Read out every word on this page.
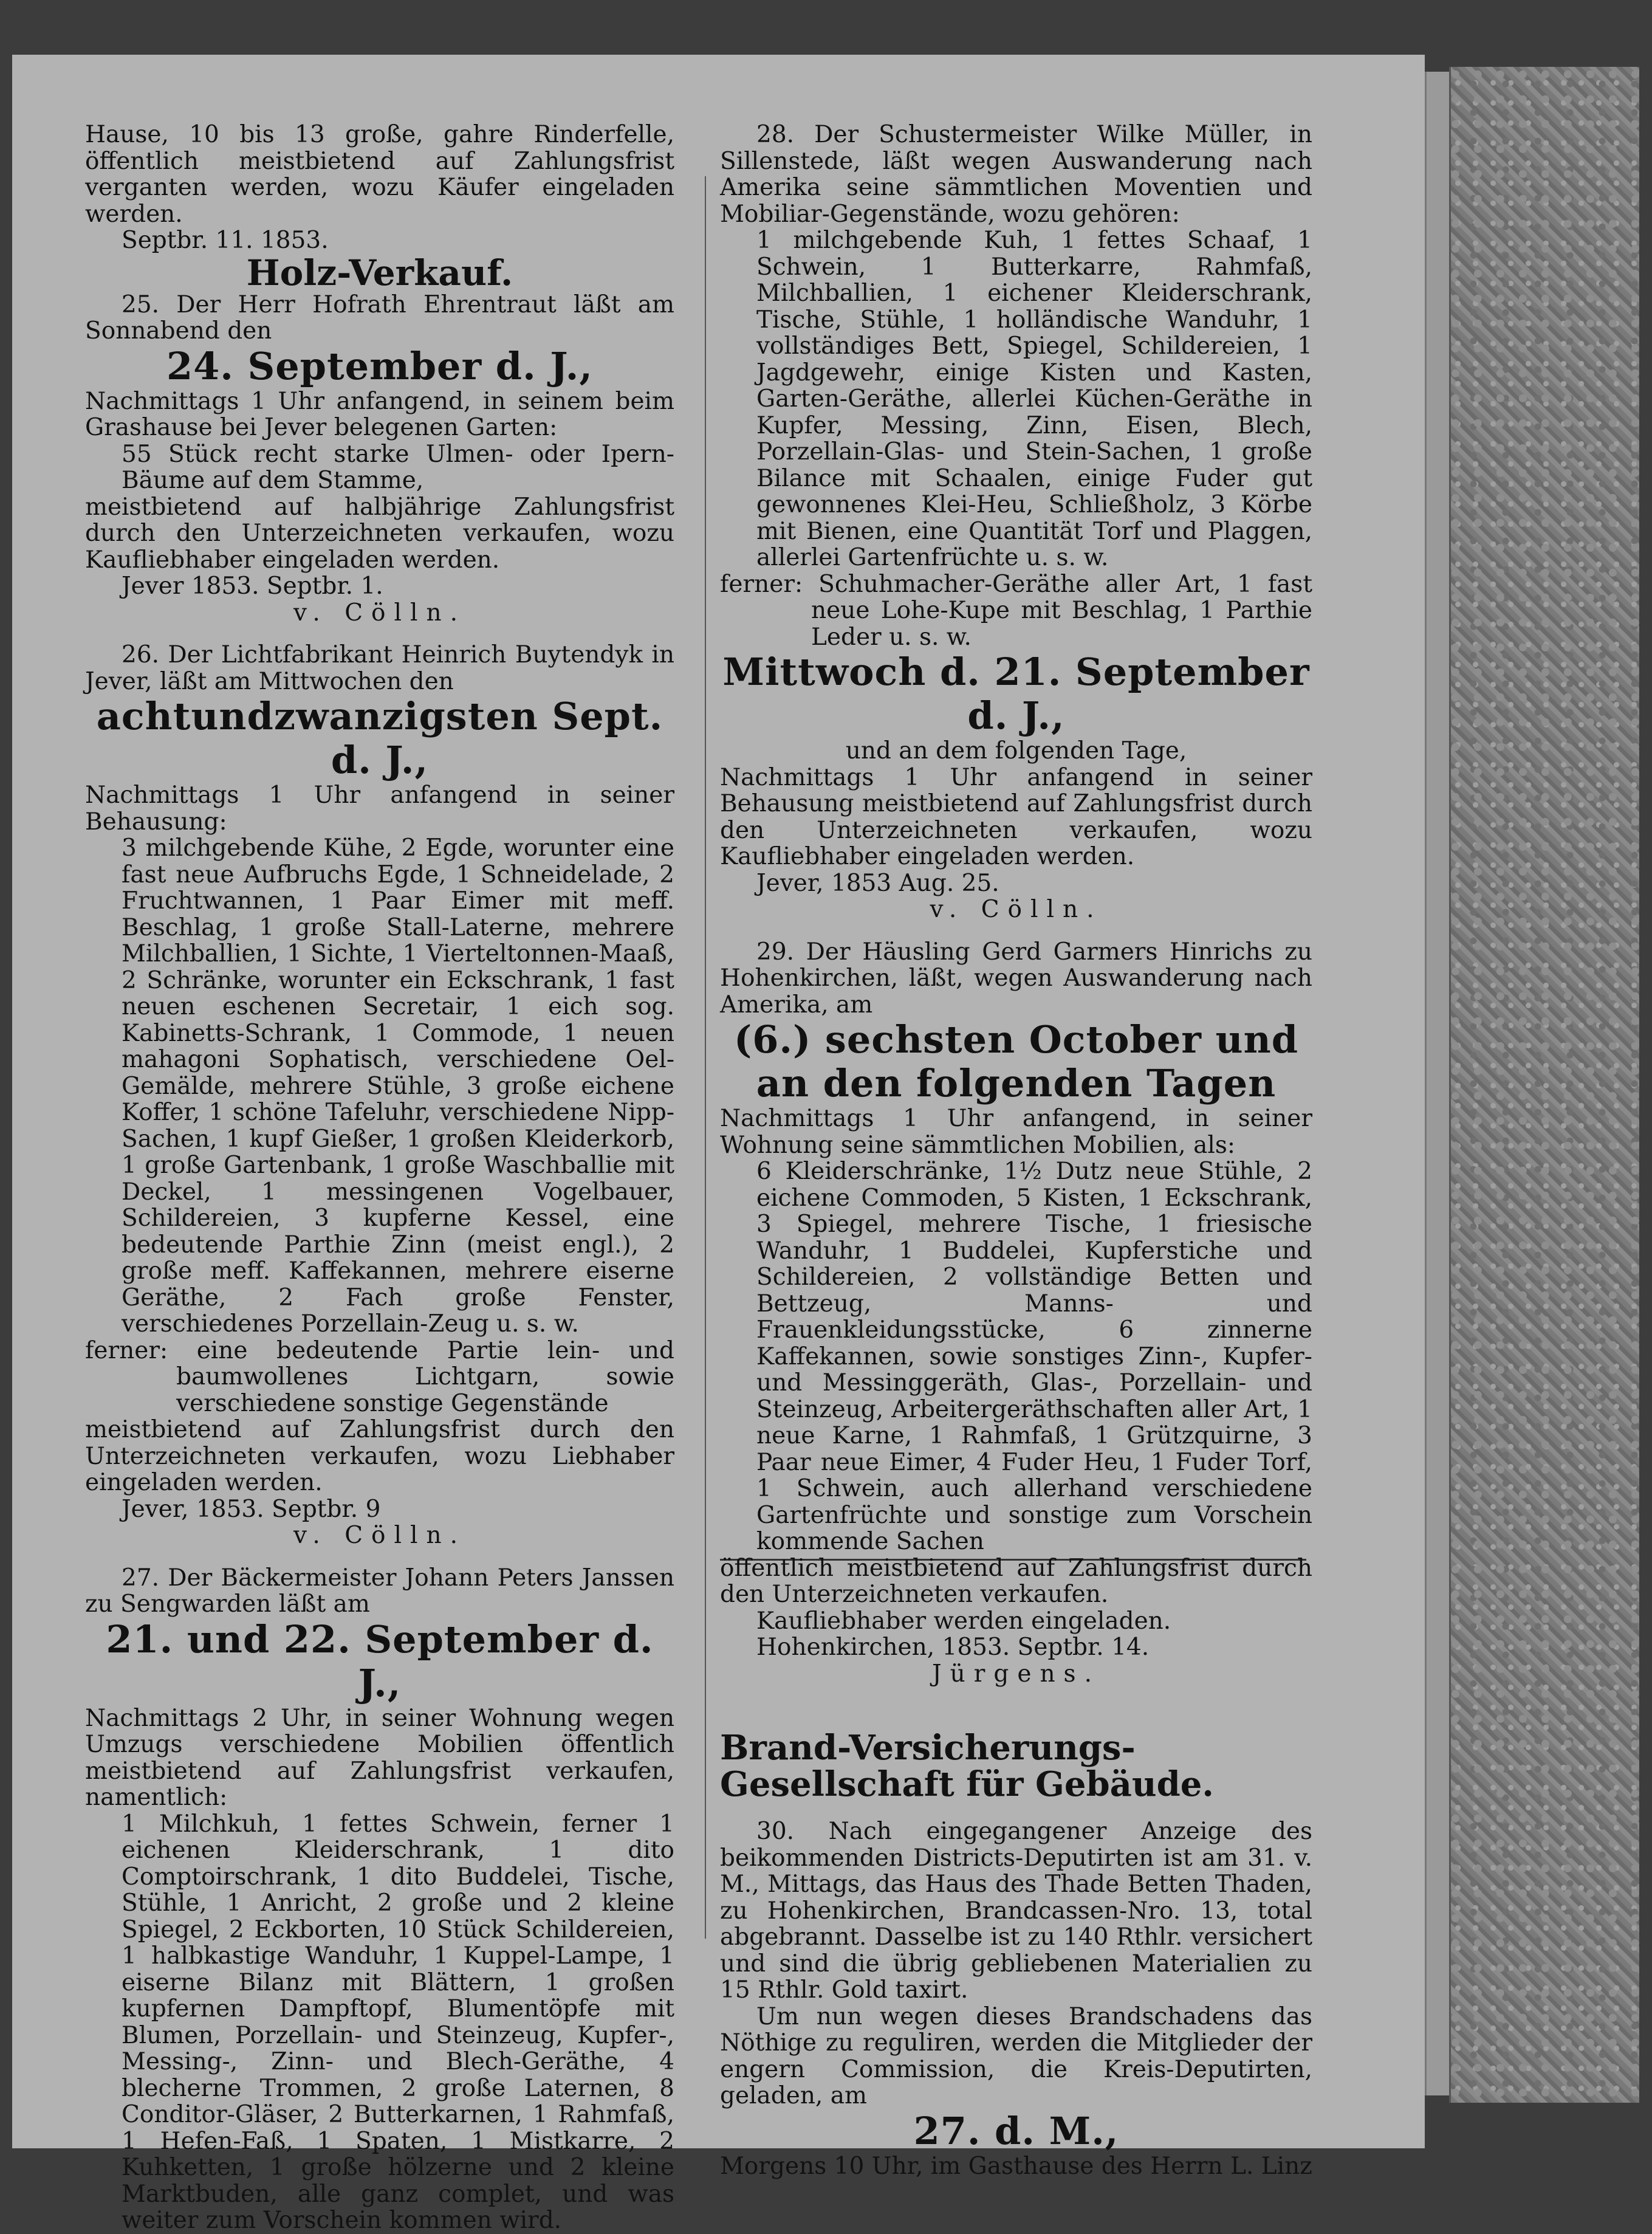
Hause, 10 bis 13 große, gahre Rinderfelle, öffentlich meistbietend auf Zahlungsfrist verganten werden, wozu Käufer eingeladen werden.

Septbr. 11. 1853.

Holz-Verkauf.

25. Der Herr Hofrath Ehrentraut läßt am Sonnabend den

24. September d. J.,

Nachmittags 1 Uhr anfangend, in seinem beim Grashause bei Jever belegenen Garten:

55 Stück recht starke Ulmen- oder Ipern-Bäume auf dem Stamme,

meistbietend auf halbjährige Zahlungsfrist durch den Unterzeichneten verkaufen, wozu Kaufliebhaber eingeladen werden.

Jever 1853. Septbr. 1.

v. Cölln.

26. Der Lichtfabrikant Heinrich Buytendyk in Jever, läßt am Mittwochen den

achtundzwanzigsten Sept. d. J.,

Nachmittags 1 Uhr anfangend in seiner Behausung:

3 milchgebende Kühe, 2 Egde, worunter eine fast neue Aufbruchs Egde, 1 Schneidelade, 2 Fruchtwannen, 1 Paar Eimer mit meff. Beschlag, 1 große Stall-Laterne, mehrere Milchballien, 1 Sichte, 1 Vierteltonnen-Maaß, 2 Schränke, worunter ein Eckschrank, 1 fast neuen eschenen Secretair, 1 eich sog. Kabinetts-Schrank, 1 Commode, 1 neuen mahagoni Sophatisch, verschiedene Oel-Gemälde, mehrere Stühle, 3 große eichene Koffer, 1 schöne Tafeluhr, verschiedene Nipp-Sachen, 1 kupf Gießer, 1 großen Kleiderkorb, 1 große Gartenbank, 1 große Waschballie mit Deckel, 1 messingenen Vogelbauer, Schildereien, 3 kupferne Kessel, eine bedeutende Parthie Zinn (meist engl.), 2 große meff. Kaffekannen, mehrere eiserne Geräthe, 2 Fach große Fenster, verschiedenes Porzellain-Zeug u. s. w.

ferner: eine bedeutende Partie lein- und baumwollenes Lichtgarn, sowie verschiedene sonstige Gegenstände

meistbietend auf Zahlungsfrist durch den Unterzeichneten verkaufen, wozu Liebhaber eingeladen werden.

Jever, 1853. Septbr. 9

v. Cölln.

27. Der Bäckermeister Johann Peters Janssen zu Sengwarden läßt am

21. und 22. September d. J.,

Nachmittags 2 Uhr, in seiner Wohnung wegen Umzugs verschiedene Mobilien öffentlich meistbietend auf Zahlungsfrist verkaufen, namentlich:

1 Milchkuh, 1 fettes Schwein, ferner 1 eichenen Kleiderschrank, 1 dito Comptoirschrank, 1 dito Buddelei, Tische, Stühle, 1 Anricht, 2 große und 2 kleine Spiegel, 2 Eckborten, 10 Stück Schildereien, 1 halbkastige Wanduhr, 1 Kuppel-Lampe, 1 eiserne Bilanz mit Blättern, 1 großen kupfernen Dampftopf, Blumentöpfe mit Blumen, Porzellain- und Steinzeug, Kupfer-, Messing-, Zinn- und Blech-Geräthe, 4 blecherne Trommen, 2 große Laternen, 8 Conditor-Gläser, 2 Butterkarnen, 1 Rahmfaß, 1 Hefen-Faß, 1 Spaten, 1 Mistkarre, 2 Kuhketten, 1 große hölzerne und 2 kleine Marktbuden, alle ganz complet, und was weiter zum Vorschein kommen wird.

28. Der Schustermeister Wilke Müller, in Sillenstede, läßt wegen Auswanderung nach Amerika seine sämmtlichen Moventien und Mobiliar-Gegenstände, wozu gehören:

1 milchgebende Kuh, 1 fettes Schaaf, 1 Schwein, 1 Butterkarre, Rahmfaß, Milchballien, 1 eichener Kleiderschrank, Tische, Stühle, 1 holländische Wanduhr, 1 vollständiges Bett, Spiegel, Schildereien, 1 Jagdgewehr, einige Kisten und Kasten, Garten-Geräthe, allerlei Küchen-Geräthe in Kupfer, Messing, Zinn, Eisen, Blech, Porzellain-Glas- und Stein-Sachen, 1 große Bilance mit Schaalen, einige Fuder gut gewonnenes Klei-Heu, Schließholz, 3 Körbe mit Bienen, eine Quantität Torf und Plaggen, allerlei Gartenfrüchte u. s. w.

ferner: Schuhmacher-Geräthe aller Art, 1 fast neue Lohe-Kupe mit Beschlag, 1 Parthie Leder u. s. w.

Mittwoch d. 21. September d. J.,

und an dem folgenden Tage,

Nachmittags 1 Uhr anfangend in seiner Behausung meistbietend auf Zahlungsfrist durch den Unterzeichneten verkaufen, wozu Kaufliebhaber eingeladen werden.

Jever, 1853 Aug. 25.

v. Cölln.

29. Der Häusling Gerd Garmers Hinrichs zu Hohenkirchen, läßt, wegen Auswanderung nach Amerika, am

(6.) sechsten October und an den folgenden Tagen

Nachmittags 1 Uhr anfangend, in seiner Wohnung seine sämmtlichen Mobilien, als:

6 Kleiderschränke, 1½ Dutz neue Stühle, 2 eichene Commoden, 5 Kisten, 1 Eckschrank, 3 Spiegel, mehrere Tische, 1 friesische Wanduhr, 1 Buddelei, Kupferstiche und Schildereien, 2 vollständige Betten und Bettzeug, Manns- und Frauenkleidungsstücke, 6 zinnerne Kaffekannen, sowie sonstiges Zinn-, Kupfer- und Messinggeräth, Glas-, Porzellain- und Steinzeug, Arbeitergeräthschaften aller Art, 1 neue Karne, 1 Rahmfaß, 1 Grützquirne, 3 Paar neue Eimer, 4 Fuder Heu, 1 Fuder Torf, 1 Schwein, auch allerhand verschiedene Gartenfrüchte und sonstige zum Vorschein kommende Sachen

öffentlich meistbietend auf Zahlungsfrist durch den Unterzeichneten verkaufen.

Kaufliebhaber werden eingeladen.

Hohenkirchen, 1853. Septbr. 14.

Jürgens.

Brand-Versicherungs-Gesellschaft für Gebäude.

30. Nach eingegangener Anzeige des beikommenden Districts-Deputirten ist am 31. v. M., Mittags, das Haus des Thade Betten Thaden, zu Hohenkirchen, Brandcassen-Nro. 13, total abgebrannt. Dasselbe ist zu 140 Rthlr. versichert und sind die übrig gebliebenen Materialien zu 15 Rthlr. Gold taxirt.

Um nun wegen dieses Brandschadens das Nöthige zu reguliren, werden die Mitglieder der engern Commission, die Kreis-Deputirten, geladen, am

27. d. M.,

Morgens 10 Uhr, im Gasthause des Herrn L. Linz
